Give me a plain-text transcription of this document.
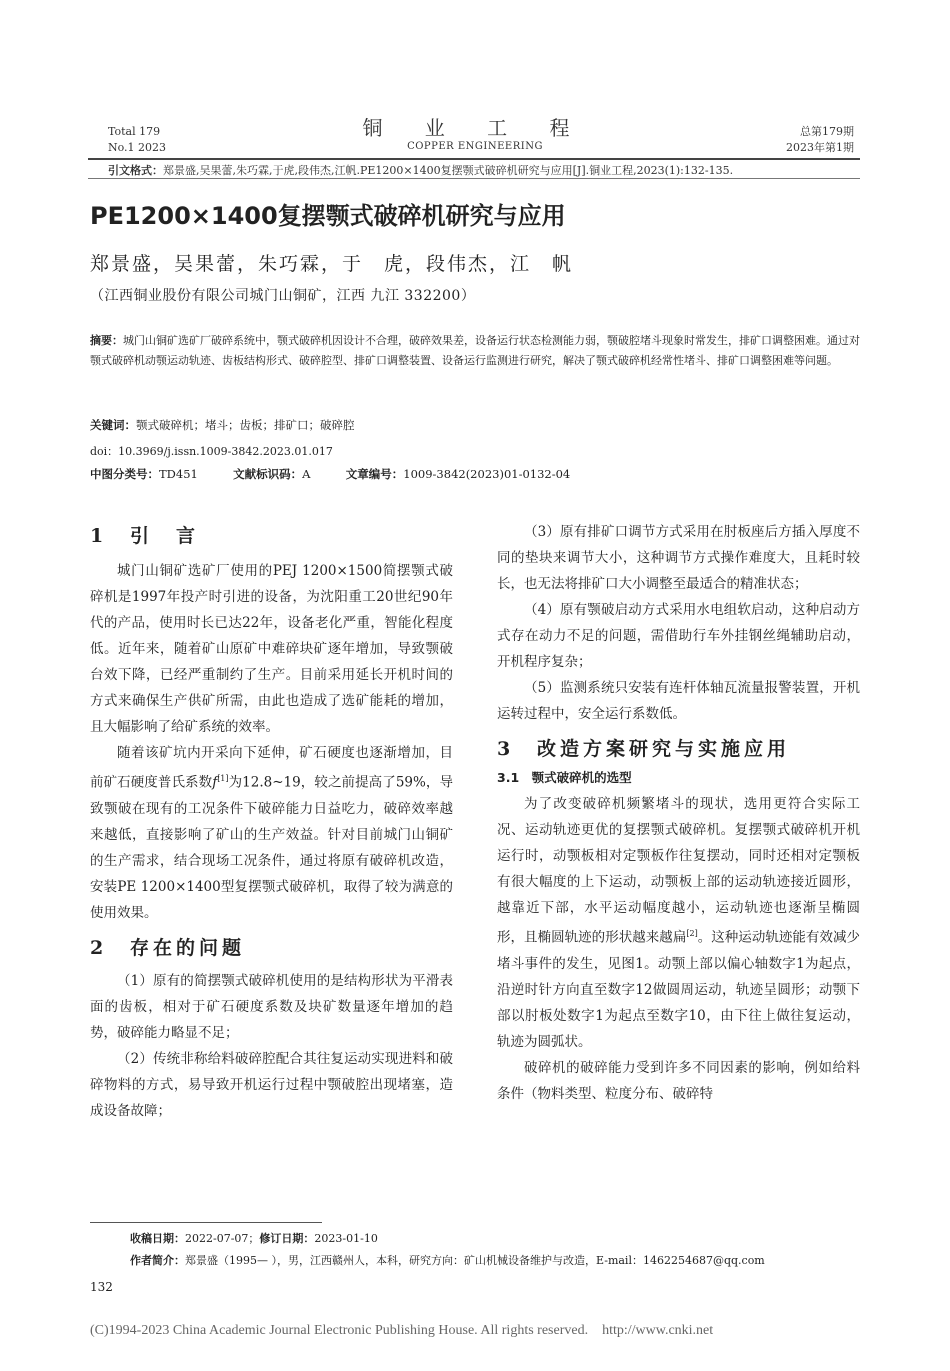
Total 179
No.1 2023
铜 业 工 程
COPPER ENGINEERING
总第179期
2023年第1期
引文格式：郑景盛,吴果蕾,朱巧霖,于虎,段伟杰,江帆.PE1200×1400复摆颚式破碎机研究与应用[J].铜业工程,2023(1):132-135.
PE1200×1400复摆颚式破碎机研究与应用
郑景盛，吴果蕾，朱巧霖，于　虎，段伟杰，江　帆
（江西铜业股份有限公司城门山铜矿，江西 九江 332200）
摘要：城门山铜矿选矿厂破碎系统中，颚式破碎机因设计不合理，破碎效果差，设备运行状态检测能力弱，颚破腔堵斗现象时常发生，排矿口调整困难。通过对颚式破碎机动颚运动轨迹、齿板结构形式、破碎腔型、排矿口调整装置、设备运行监测进行研究，解决了颚式破碎机经常性堵斗、排矿口调整困难等问题。
关键词：颚式破碎机；堵斗；齿板；排矿口；破碎腔
doi：10.3969/j.issn.1009-3842.2023.01.017
中图分类号：TD451	文献标识码：A	文章编号：1009-3842(2023)01-0132-04
1 引　言

城门山铜矿选矿厂使用的PEJ 1200×1500简摆颚式破碎机是1997年投产时引进的设备，为沈阳重工20世纪90年代的产品，使用时长已达22年，设备老化严重，智能化程度低。近年来，随着矿山原矿中难碎块矿逐年增加，导致颚破台效下降，已经严重制约了生产。目前采用延长开机时间的方式来确保生产供矿所需，由此也造成了选矿能耗的增加，且大幅影响了给矿系统的效率。

随着该矿坑内开采向下延伸，矿石硬度也逐渐增加，目前矿石硬度普氏系数f[1]为12.8~19，较之前提高了59%，导致颚破在现有的工况条件下破碎能力日益吃力，破碎效率越来越低，直接影响了矿山的生产效益。针对目前城门山铜矿的生产需求，结合现场工况条件，通过将原有破碎机改造，安装PE 1200×1400型复摆颚式破碎机，取得了较为满意的使用效果。

2 存在的问题

（1）原有的简摆颚式破碎机使用的是结构形状为平滑表面的齿板，相对于矿石硬度系数及块矿数量逐年增加的趋势，破碎能力略显不足；

（2）传统非称给料破碎腔配合其往复运动实现进料和破碎物料的方式，易导致开机运行过程中颚破腔出现堵塞，造成设备故障；

（3）原有排矿口调节方式采用在肘板座后方插入厚度不同的垫块来调节大小，这种调节方式操作难度大，且耗时较长，也无法将排矿口大小调整至最适合的精准状态；

（4）原有颚破启动方式采用水电组软启动，这种启动方式存在动力不足的问题，需借助行车外挂钢丝绳辅助启动，开机程序复杂；

（5）监测系统只安装有连杆体轴瓦流量报警装置，开机运转过程中，安全运行系数低。

3 改造方案研究与实施应用
3.1　颚式破碎机的选型

为了改变破碎机频繁堵斗的现状，选用更符合实际工况、运动轨迹更优的复摆颚式破碎机。复摆颚式破碎机开机运行时，动颚板相对定颚板作往复摆动，同时还相对定颚板有很大幅度的上下运动，动颚板上部的运动轨迹接近圆形，越靠近下部，水平运动幅度越小，运动轨迹也逐渐呈椭圆形，且椭圆轨迹的形状越来越扁[2]。这种运动轨迹能有效减少堵斗事件的发生，见图1。动颚上部以偏心轴数字1为起点，沿逆时针方向直至数字12做圆周运动，轨迹呈圆形；动颚下部以肘板处数字1为起点至数字10，由下往上做往复运动，轨迹为圆弧状。

破碎机的破碎能力受到许多不同因素的影响，例如给料条件（物料类型、粒度分布、破碎特

收稿日期：2022-07-07；修订日期：2023-01-10
作者简介：郑景盛（1995— ），男，江西赣州人，本科，研究方向：矿山机械设备维护与改造，E-mail：1462254687@qq.com
132
(C)1994-2023 China Academic Journal Electronic Publishing House. All rights reserved.    http://www.cnki.net
